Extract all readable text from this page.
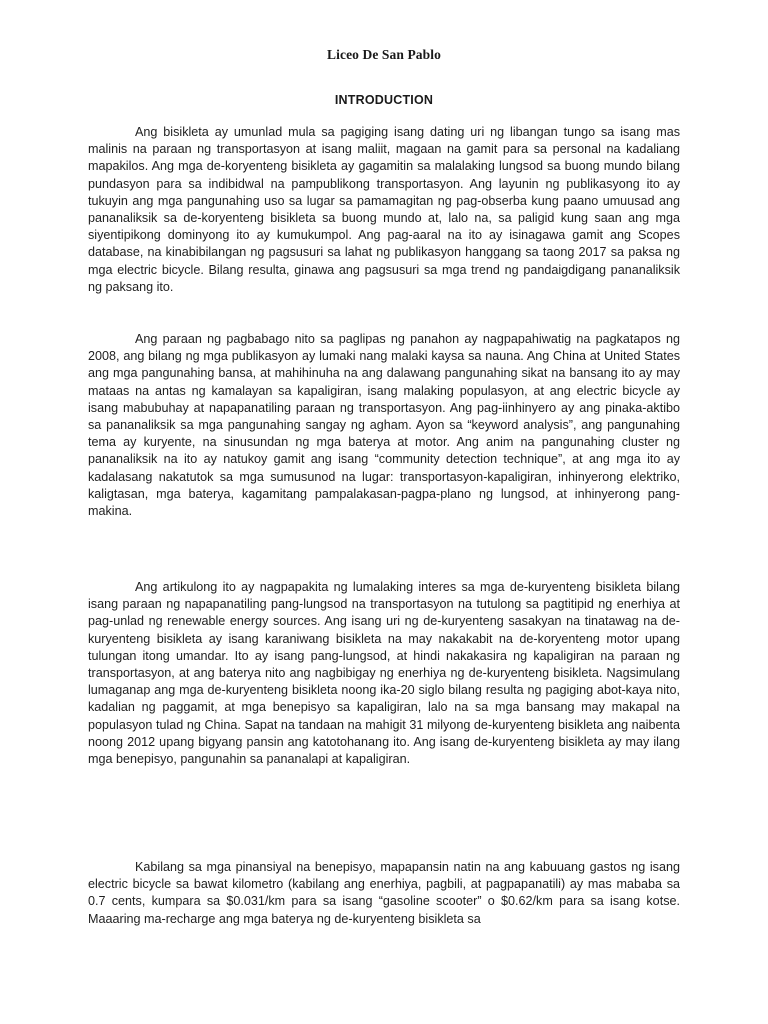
Liceo De San Pablo
INTRODUCTION

Ang bisikleta ay umunlad mula sa pagiging isang dating uri ng libangan tungo sa isang mas malinis na paraan ng transportasyon at isang maliit, magaan na gamit para sa personal na kadaliang mapakilos. Ang mga de-koryenteng bisikleta ay gagamitin sa malalaking lungsod sa buong mundo bilang pundasyon para sa indibidwal na pampublikong transportasyon. Ang layunin ng publikasyong ito ay tukuyin ang mga pangunahing uso sa lugar sa pamamagitan ng pag-obserba kung paano umuusad ang pananaliksik sa de-koryenteng bisikleta sa buong mundo at, lalo na, sa paligid kung saan ang mga siyentipikong dominyong ito ay kumukumpol. Ang pag-aaral na ito ay isinagawa gamit ang Scopes database, na kinabibilangan ng pagsusuri sa lahat ng publikasyon hanggang sa taong 2017 sa paksa ng mga electric bicycle. Bilang resulta, ginawa ang pagsusuri sa mga trend ng pandaigdigang pananaliksik ng paksang ito.

Ang paraan ng pagbabago nito sa paglipas ng panahon ay nagpapahiwatig na pagkatapos ng 2008, ang bilang ng mga publikasyon ay lumaki nang malaki kaysa sa nauna. Ang China at United States ang mga pangunahing bansa, at mahihinuha na ang dalawang pangunahing sikat na bansang ito ay may mataas na antas ng kamalayan sa kapaligiran, isang malaking populasyon, at ang electric bicycle ay isang mabubuhay at napapanatiling paraan ng transportasyon. Ang pag-iinhinyero ay ang pinaka-aktibo sa pananaliksik sa mga pangunahing sangay ng agham. Ayon sa “keyword analysis”, ang pangunahing tema ay kuryente, na sinusundan ng mga baterya at motor. Ang anim na pangunahing cluster ng pananaliksik na ito ay natukoy gamit ang isang “community detection technique”, at ang mga ito ay kadalasang nakatutok sa mga sumusunod na lugar: transportasyon-kapaligiran, inhinyerong elektriko, kaligtasan, mga baterya, kagamitang pampalakasan-pagpa-plano ng lungsod, at inhinyerong pang-makina.

Ang artikulong ito ay nagpapakita ng lumalaking interes sa mga de-kuryenteng bisikleta bilang isang paraan ng napapanatiling pang-lungsod na transportasyon na tutulong sa pagtitipid ng enerhiya at pag-unlad ng renewable energy sources. Ang isang uri ng de-kuryenteng sasakyan na tinatawag na de-kuryenteng bisikleta ay isang karaniwang bisikleta na may nakakabit na de-koryenteng motor upang tulungan itong umandar. Ito ay isang pang-lungsod, at hindi nakakasira ng kapaligiran na paraan ng transportasyon, at ang bateryа nito ang nagbibigay ng enerhiya ng de-kuryenteng bisikleta. Nagsimulang lumaganap ang mga de-kuryenteng bisikleta noong ika-20 siglo bilang resulta ng pagiging abot-kaya nito, kadalian ng paggamit, at mga benepisyo sa kapaligiran, lalo na sa mga bansang may makapal na populasyon tulad ng China. Sapat na tandaan na mahigit 31 milyong de-kuryenteng bisikleta ang naibenta noong 2012 upang bigyang pansin ang katotohanang ito. Ang isang de-kuryenteng bisikleta ay may ilang mga benepisyo, pangunahin sa pananalapi at kapaligiran.

Kabilang sa mga pinansiyal na benepisyo, mapapansin natin na ang kabuuang gastos ng isang electric bicycle sa bawat kilometro (kabilang ang enerhiya, pagbili, at pagpapanatili) ay mas mababa sa 0.7 cents, kumpara sa $0.031/km para sa isang “gasoline scooter” o $0.62/km para sa isang kotse. Maaaring ma-recharge ang mga baterya ng de-kuryenteng bisikleta sa
